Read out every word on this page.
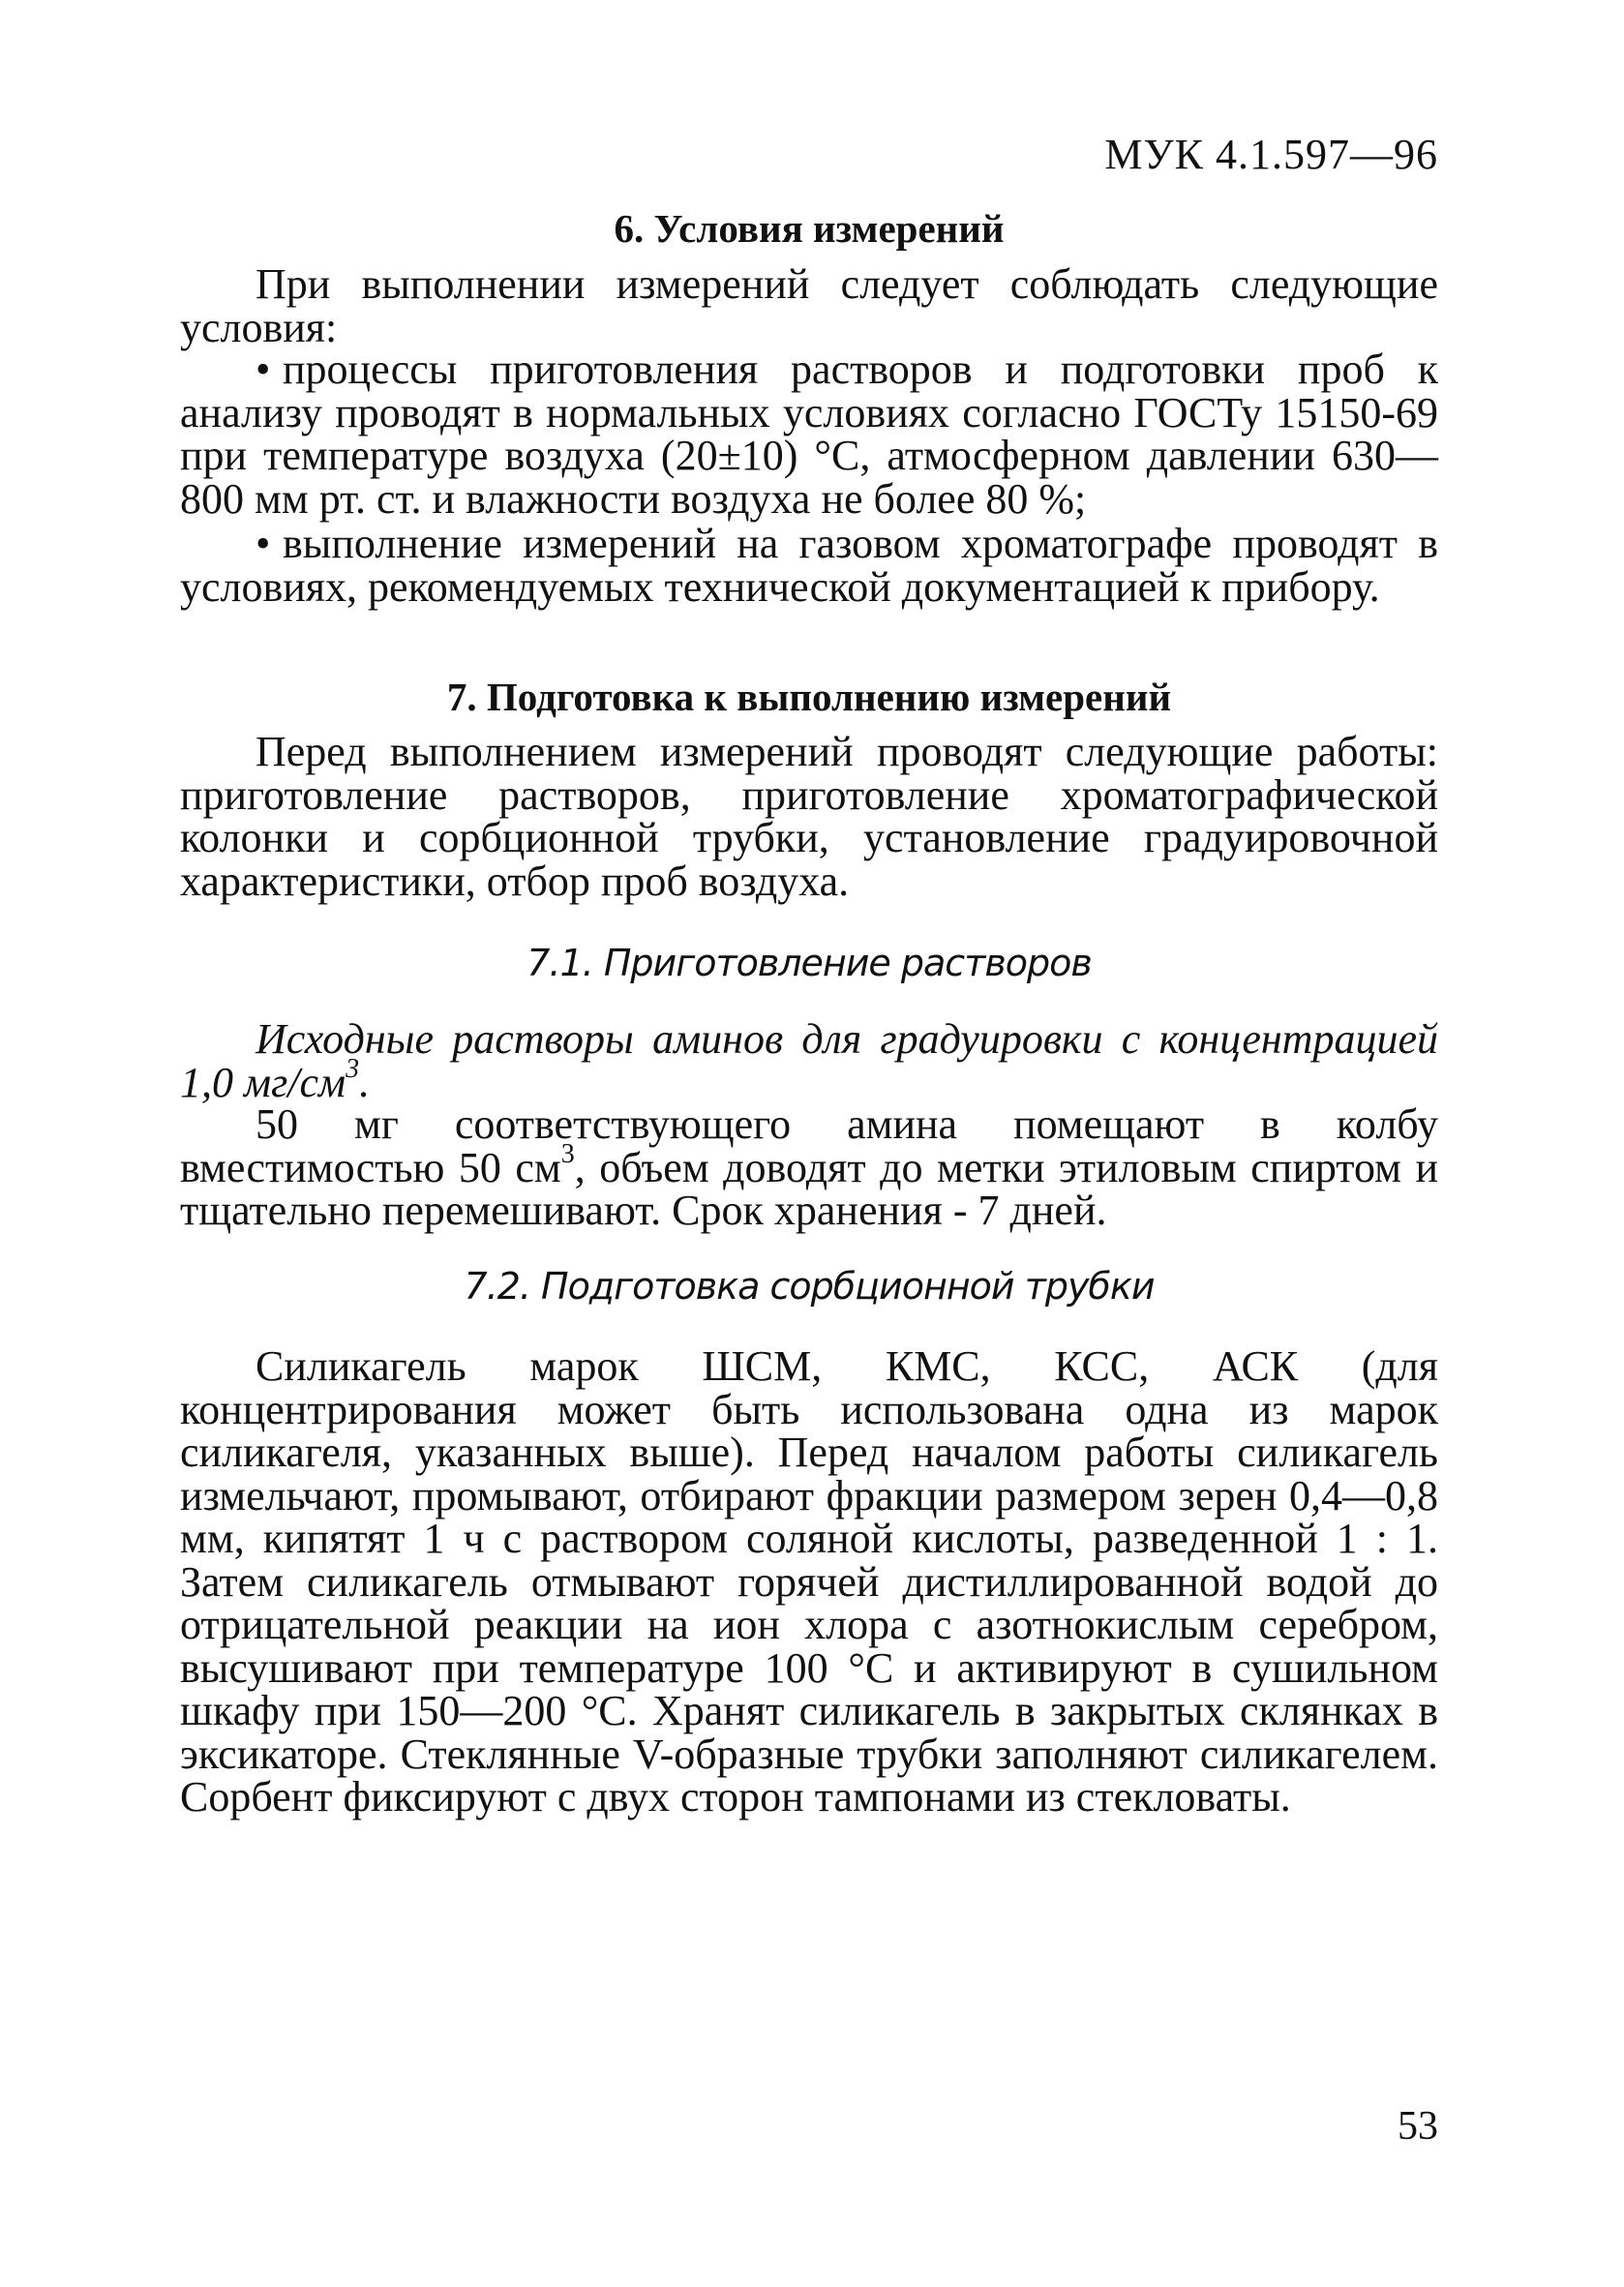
МУК 4.1.597—96
6. Условия измерений

При выполнении измерений следует соблюдать следующие условия:

• процессы приготовления растворов и подготовки проб к анализу проводят в нормальных условиях согласно ГОСТу 15150-69 при температуре воздуха (20±10) °С, атмосферном давлении 630—800 мм рт. ст. и влажности воздуха не более 80 %;

• выполнение измерений на газовом хроматографе проводят в условиях, рекомендуемых технической документацией к прибору.

7. Подготовка к выполнению измерений

Перед выполнением измерений проводят следующие работы: приготовление растворов, приготовление хроматографической колонки и сорбционной трубки, установление градуировочной характеристики, отбор проб воздуха.

7.1. Приготовление растворов

Исходные растворы аминов для градуировки с концентрацией 1,0 $мг/см^3$.

50 мг соответствующего амина помещают в колбу вместимостью 50 $см^3$, объем доводят до метки этиловым спиртом и тщательно перемешивают. Срок хранения - 7 дней.

7.2. Подготовка сорбционной трубки

Силикагель марок ШСМ, КМС, КСС, АСК (для концентрирования может быть использована одна из марок силикагеля, указанных выше). Перед началом работы силикагель измельчают, промывают, отбирают фракции размером зерен 0,4—0,8 мм, кипятят 1 ч с раствором соляной кислоты, разведенной 1 : 1. Затем силикагель отмывают горячей дистиллированной водой до отрицательной реакции на ион хлора с азотнокислым серебром, высушивают при температуре 100 °С и активируют в сушильном шкафу при 150—200 °С. Хранят силикагель в закрытых склянках в эксикаторе. Стеклянные V-образные трубки заполняют силикагелем. Сорбент фиксируют с двух сторон тампонами из стекловаты.

53
